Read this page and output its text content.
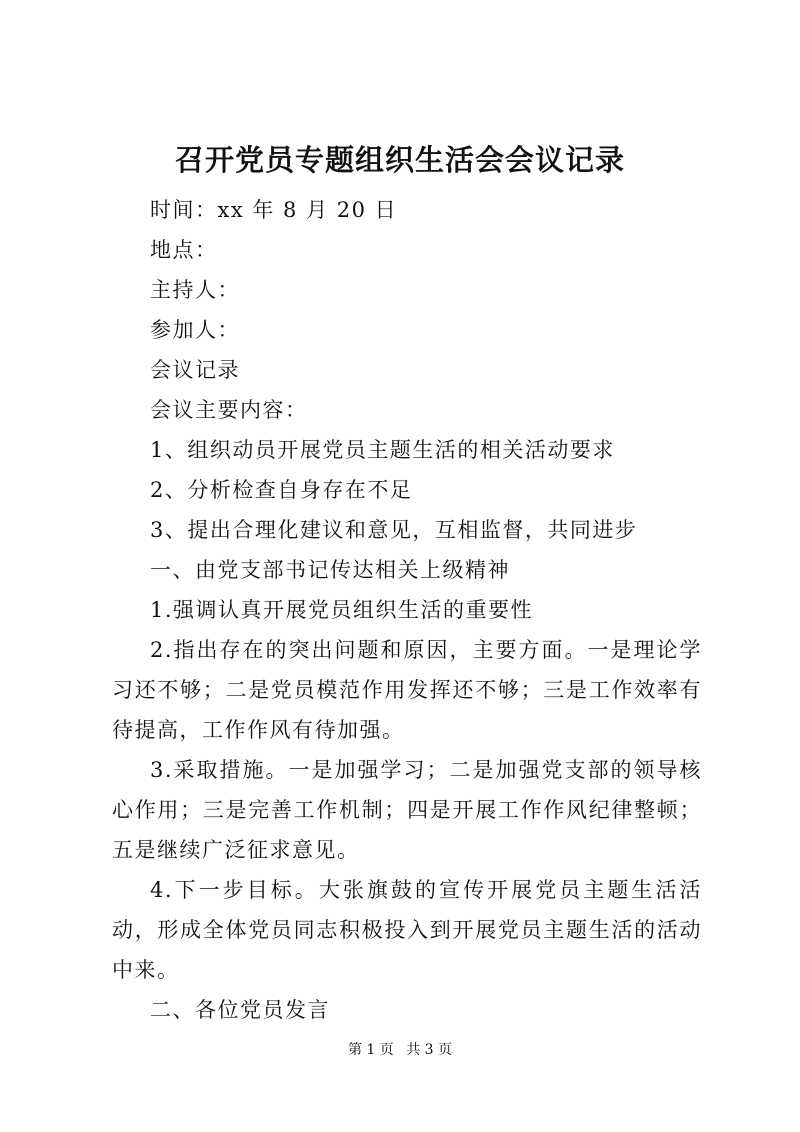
召开党员专题组织生活会会议记录

时间：xx 年 8 月 20 日

地点：

主持人：

参加人：

会议记录

会议主要内容：

1、组织动员开展党员主题生活的相关活动要求

2、分析检查自身存在不足

3、提出合理化建议和意见，互相监督，共同进步

一、由党支部书记传达相关上级精神

1.强调认真开展党员组织生活的重要性

2.指出存在的突出问题和原因，主要方面。一是理论学习还不够；二是党员模范作用发挥还不够；三是工作效率有待提高，工作作风有待加强。

3.采取措施。一是加强学习；二是加强党支部的领导核心作用；三是完善工作机制；四是开展工作作风纪律整顿；五是继续广泛征求意见。

4.下一步目标。大张旗鼓的宣传开展党员主题生活活动，形成全体党员同志积极投入到开展党员主题生活的活动中来。

二、各位党员发言

第 1 页 共 3 页
